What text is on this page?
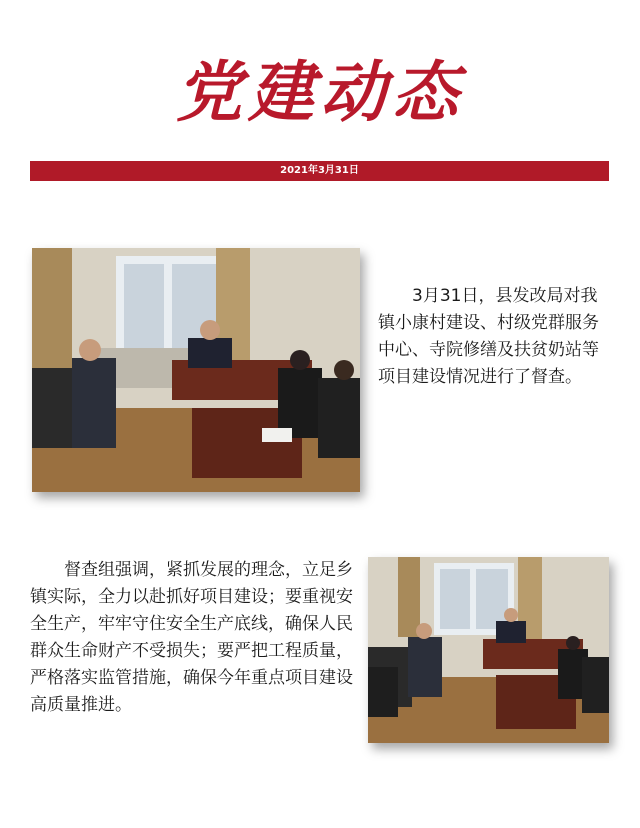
党建动态
2021年3月31日

3月31日，县发改局对我镇小康村建设、村级党群服务中心、寺院修缮及扶贫奶站等项目建设情况进行了督查。

督查组强调，紧抓发展的理念，立足乡镇实际，全力以赴抓好项目建设；要重视安全生产，牢牢守住安全生产底线，确保人民群众生命财产不受损失；要严把工程质量，严格落实监管措施，确保今年重点项目建设高质量推进。
